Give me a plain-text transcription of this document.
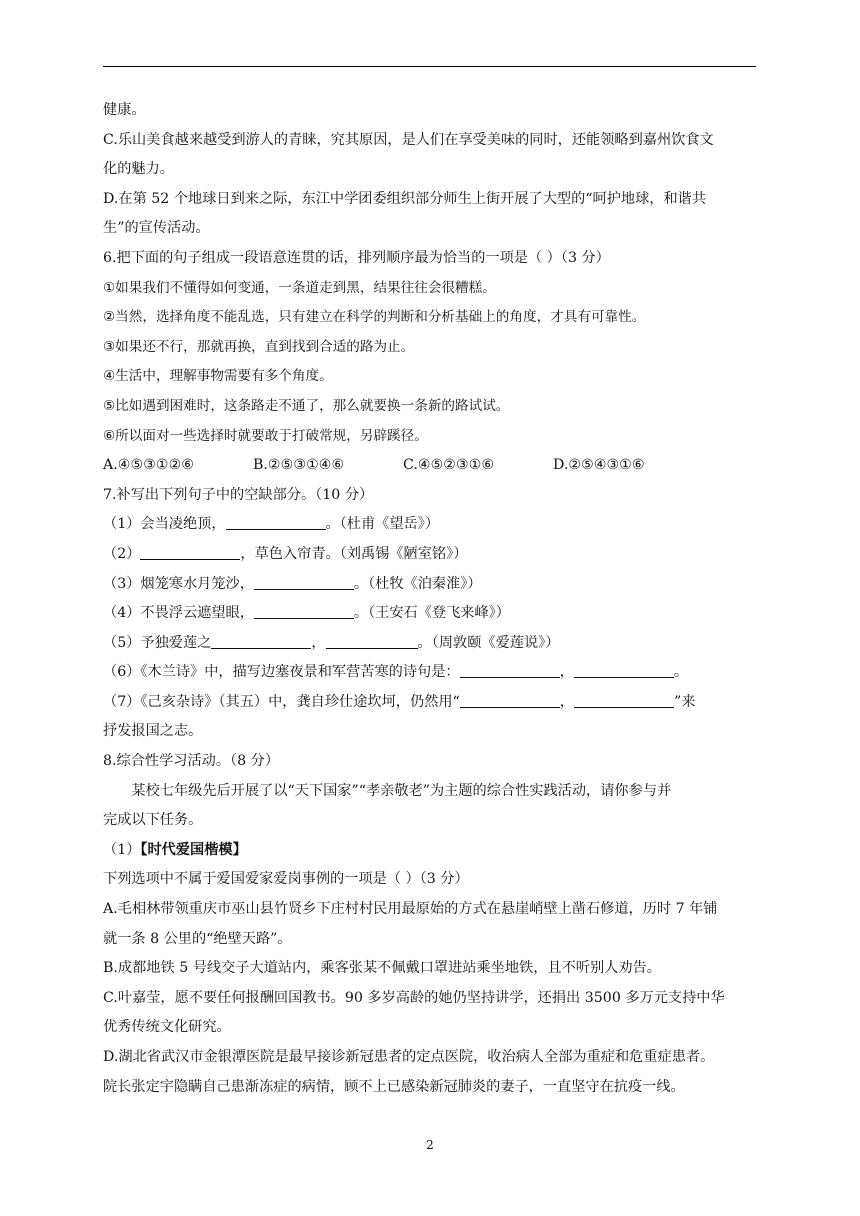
健康。
C.乐山美食越来越受到游人的青睐，究其原因，是人们在享受美味的同时，还能领略到嘉州饮食文
化的魅力。
D.在第 52 个地球日到来之际，东江中学团委组织部分师生上街开展了大型的“呵护地球，和谐共
生”的宣传活动。
6.把下面的句子组成一段语意连贯的话，排列顺序最为恰当的一项是（ ）（3 分）
①如果我们不懂得如何变通，一条道走到黑，结果往往会很糟糕。
②当然，选择角度不能乱选，只有建立在科学的判断和分析基础上的角度，才具有可靠性。
③如果还不行，那就再换，直到找到合适的路为止。
④生活中，理解事物需要有多个角度。
⑤比如遇到困难时，这条路走不通了，那么就要换一条新的路试试。
⑥所以面对一些选择时就要敢于打破常规，另辟蹊径。
A.④⑤③①②⑥	B.②⑤③①④⑥	C.④⑤②③①⑥	D.②⑤④③①⑥
7.补写出下列句子中的空缺部分。（10 分）
（1）会当凌绝顶，	。（杜甫《望岳》）
（2）	，草色入帘青。（刘禹锡《陋室铭》）
（3）烟笼寒水月笼沙，	。（杜牧《泊秦淮》）
（4）不畏浮云遮望眼，	。（王安石《登飞来峰》）
（5）予独爱莲之	，	。（周敦颐《爱莲说》）
（6）《木兰诗》中，描写边塞夜景和军营苦寒的诗句是：	，	。
（7）《己亥杂诗》（其五）中，龚自珍仕途坎坷，仍然用“	，	”来
抒发报国之志。
8.综合性学习活动。（8 分）
某校七年级先后开展了以“天下国家”“孝亲敬老”为主题的综合性实践活动，请你参与并
完成以下任务。
（1）【时代爱国楷模】
下列选项中不属于爱国爱家爱岗事例的一项是（ ）（3 分）
A.毛相林带领重庆市巫山县竹贤乡下庄村村民用最原始的方式在悬崖峭壁上凿石修道，历时 7 年铺
就一条 8 公里的“绝壁天路”。
B.成都地铁 5 号线交子大道站内，乘客张某不佩戴口罩进站乘坐地铁，且不听别人劝告。
C.叶嘉莹，愿不要任何报酬回国教书。90 多岁高龄的她仍坚持讲学，还捐出 3500 多万元支持中华
优秀传统文化研究。
D.湖北省武汉市金银潭医院是最早接诊新冠患者的定点医院，收治病人全部为重症和危重症患者。
院长张定宇隐瞒自己患渐冻症的病情，顾不上已感染新冠肺炎的妻子，一直坚守在抗疫一线。
2
